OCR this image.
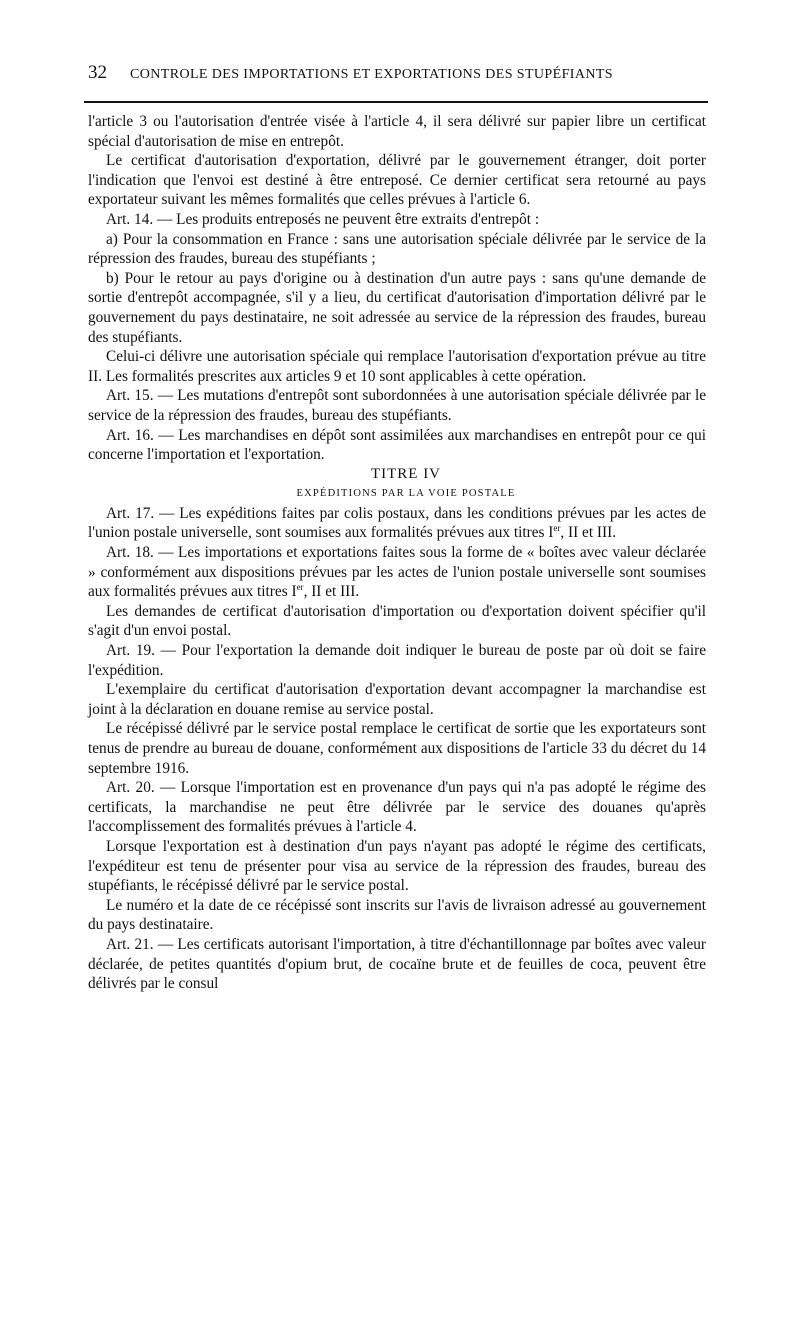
32	CONTROLE DES IMPORTATIONS ET EXPORTATIONS DES STUPÉFIANTS

l'article 3 ou l'autorisation d'entrée visée à l'article 4, il sera délivré sur papier libre un certificat spécial d'autorisation de mise en entrepôt.

Le certificat d'autorisation d'exportation, délivré par le gouvernement étranger, doit porter l'indication que l'envoi est destiné à être entreposé. Ce dernier certificat sera retourné au pays exportateur suivant les mêmes formalités que celles prévues à l'article 6.

Art. 14. — Les produits entreposés ne peuvent être extraits d'entrepôt :

a) Pour la consommation en France : sans une autorisation spéciale délivrée par le service de la répression des fraudes, bureau des stupéfiants ;

b) Pour le retour au pays d'origine ou à destination d'un autre pays : sans qu'une demande de sortie d'entrepôt accompagnée, s'il y a lieu, du certificat d'autorisation d'importation délivré par le gouvernement du pays destinataire, ne soit adressée au service de la répression des fraudes, bureau des stupéfiants.

Celui-ci délivre une autorisation spéciale qui remplace l'autorisation d'exportation prévue au titre II. Les formalités prescrites aux articles 9 et 10 sont applicables à cette opération.

Art. 15. — Les mutations d'entrepôt sont subordonnées à une autorisation spéciale délivrée par le service de la répression des fraudes, bureau des stupéfiants.

Art. 16. — Les marchandises en dépôt sont assimilées aux marchandises en entrepôt pour ce qui concerne l'importation et l'exportation.

TITRE IV

EXPÉDITIONS PAR LA VOIE POSTALE

Art. 17. — Les expéditions faites par colis postaux, dans les conditions prévues par les actes de l'union postale universelle, sont soumises aux formalités prévues aux titres Ier, II et III.

Art. 18. — Les importations et exportations faites sous la forme de « boîtes avec valeur déclarée » conformément aux dispositions prévues par les actes de l'union postale universelle sont soumises aux formalités prévues aux titres Ier, II et III.

Les demandes de certificat d'autorisation d'importation ou d'exportation doivent spécifier qu'il s'agit d'un envoi postal.

Art. 19. — Pour l'exportation la demande doit indiquer le bureau de poste par où doit se faire l'expédition.

L'exemplaire du certificat d'autorisation d'exportation devant accompagner la marchandise est joint à la déclaration en douane remise au service postal.

Le récépissé délivré par le service postal remplace le certificat de sortie que les exportateurs sont tenus de prendre au bureau de douane, conformément aux dispositions de l'article 33 du décret du 14 septembre 1916.

Art. 20. — Lorsque l'importation est en provenance d'un pays qui n'a pas adopté le régime des certificats, la marchandise ne peut être délivrée par le service des douanes qu'après l'accomplissement des formalités prévues à l'article 4.

Lorsque l'exportation est à destination d'un pays n'ayant pas adopté le régime des certificats, l'expéditeur est tenu de présenter pour visa au service de la répression des fraudes, bureau des stupéfiants, le récépissé délivré par le service postal.

Le numéro et la date de ce récépissé sont inscrits sur l'avis de livraison adressé au gouvernement du pays destinataire.

Art. 21. — Les certificats autorisant l'importation, à titre d'échantillonnage par boîtes avec valeur déclarée, de petites quantités d'opium brut, de cocaïne brute et de feuilles de coca, peuvent être délivrés par le consul
